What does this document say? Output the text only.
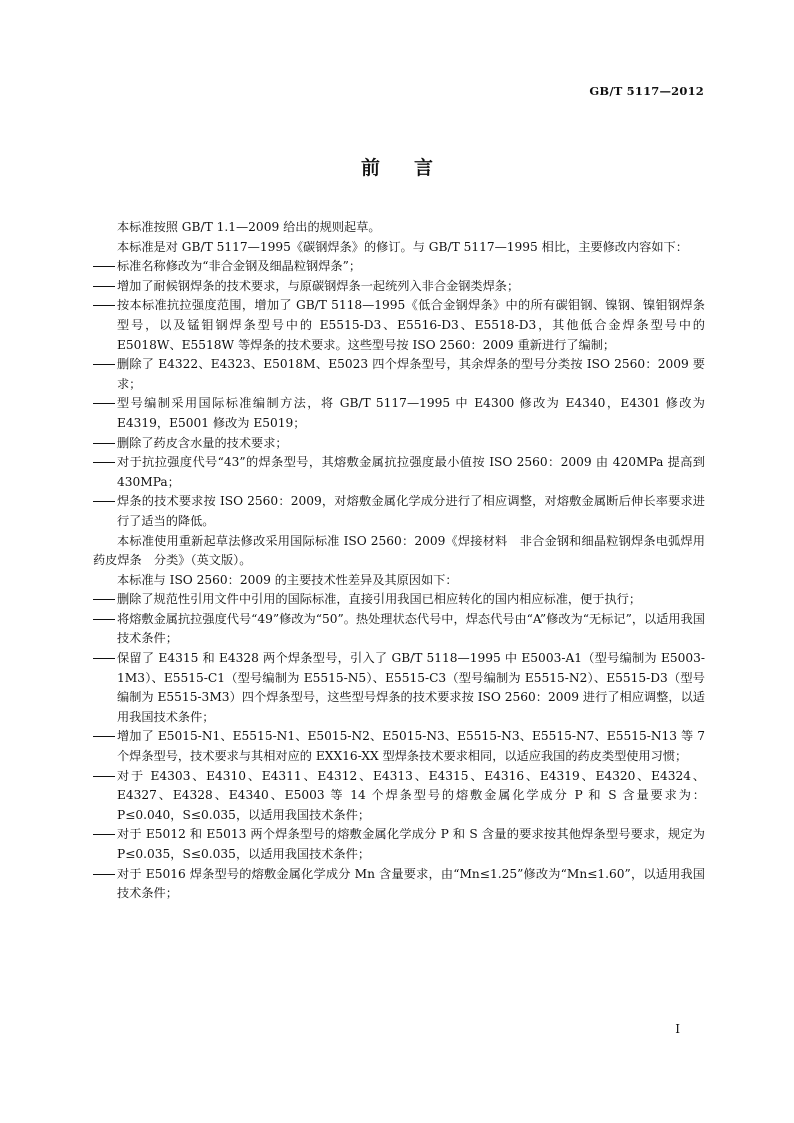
GB/T 5117—2012
前言

本标准按照 GB/T 1.1—2009 给出的规则起草。

本标准是对 GB/T 5117—1995《碳钢焊条》的修订。与 GB/T 5117—1995 相比，主要修改内容如下：

标准名称修改为“非合金钢及细晶粒钢焊条”；

增加了耐候钢焊条的技术要求，与原碳钢焊条一起统列入非合金钢类焊条；

按本标准抗拉强度范围，增加了 GB/T 5118—1995《低合金钢焊条》中的所有碳钼钢、镍钢、镍钼钢焊条型号，以及锰钼钢焊条型号中的 E5515-D3、E5516-D3、E5518-D3，其他低合金焊条型号中的 E5018W、E5518W 等焊条的技术要求。这些型号按 ISO 2560：2009 重新进行了编制；

删除了 E4322、E4323、E5018M、E5023 四个焊条型号，其余焊条的型号分类按 ISO 2560：2009 要求；

型号编制采用国际标准编制方法，将 GB/T 5117—1995 中 E4300 修改为 E4340，E4301 修改为 E4319，E5001 修改为 E5019；

删除了药皮含水量的技术要求；

对于抗拉强度代号“43”的焊条型号，其熔敷金属抗拉强度最小值按 ISO 2560：2009 由 420MPa 提高到 430MPa；

焊条的技术要求按 ISO 2560：2009，对熔敷金属化学成分进行了相应调整，对熔敷金属断后伸长率要求进行了适当的降低。

本标准使用重新起草法修改采用国际标准 ISO 2560：2009《焊接材料　非合金钢和细晶粒钢焊条电弧焊用药皮焊条　分类》（英文版）。

本标准与 ISO 2560：2009 的主要技术性差异及其原因如下：

删除了规范性引用文件中引用的国际标准，直接引用我国已相应转化的国内相应标准，便于执行；

将熔敷金属抗拉强度代号“49”修改为“50”。热处理状态代号中，焊态代号由“A”修改为“无标记”，以适用我国技术条件；

保留了 E4315 和 E4328 两个焊条型号，引入了 GB/T 5118—1995 中 E5003-A1（型号编制为 E5003-1M3）、E5515-C1（型号编制为 E5515-N5）、E5515-C3（型号编制为 E5515-N2）、E5515-D3（型号编制为 E5515-3M3）四个焊条型号，这些型号焊条的技术要求按 ISO 2560：2009 进行了相应调整，以适用我国技术条件；

增加了 E5015-N1、E5515-N1、E5015-N2、E5015-N3、E5515-N3、E5515-N7、E5515-N13 等 7 个焊条型号，技术要求与其相对应的 EXX16-XX 型焊条技术要求相同，以适应我国的药皮类型使用习惯；

对于 E4303、E4310、E4311、E4312、E4313、E4315、E4316、E4319、E4320、E4324、E4327、E4328、E4340、E5003 等 14 个焊条型号的熔敷金属化学成分 P 和 S 含量要求为：P≤0.040，S≤0.035，以适用我国技术条件；

对于 E5012 和 E5013 两个焊条型号的熔敷金属化学成分 P 和 S 含量的要求按其他焊条型号要求，规定为 P≤0.035，S≤0.035，以适用我国技术条件；

对于 E5016 焊条型号的熔敷金属化学成分 Mn 含量要求，由“Mn≤1.25”修改为“Mn≤1.60”，以适用我国技术条件；

I
